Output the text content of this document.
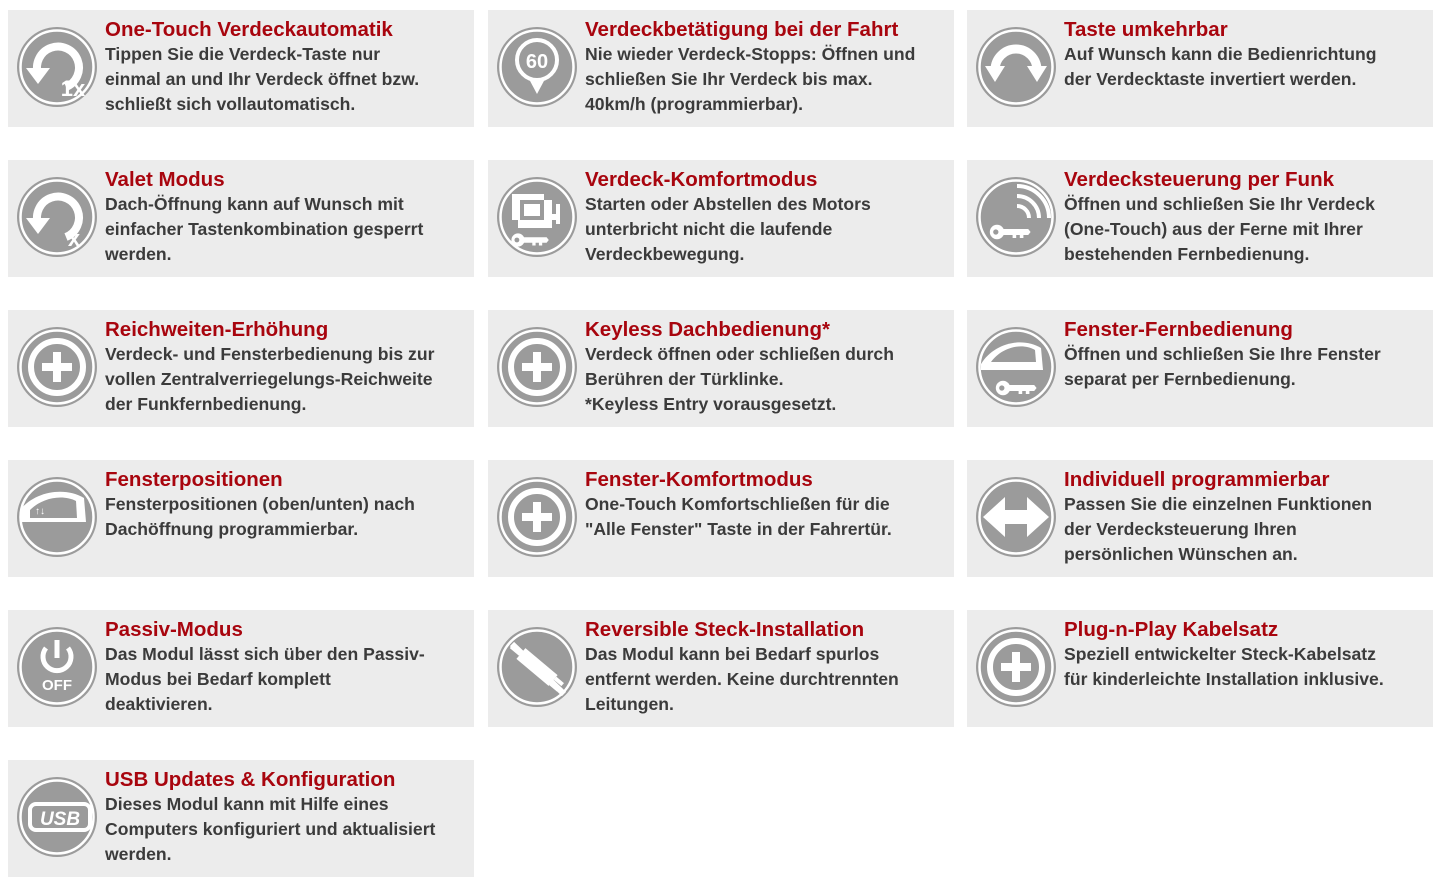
1x
One-Touch Verdeckautomatik
Tippen Sie die Verdeck-Taste nur
einmal an und Ihr Verdeck öffnet bzw.
schließt sich vollautomatisch.
60
Verdeckbetätigung bei der Fahrt
Nie wieder Verdeck-Stopps: Öffnen und
schließen Sie Ihr Verdeck bis max.
40km/h (programmierbar).
Taste umkehrbar
Auf Wunsch kann die Bedienrichtung
der Verdecktaste invertiert werden.
x
Valet Modus
Dach-Öffnung kann auf Wunsch mit
einfacher Tastenkombination gesperrt
werden.
Verdeck-Komfortmodus
Starten oder Abstellen des Motors
unterbricht nicht die laufende
Verdeckbewegung.
Verdecksteuerung per Funk
Öffnen und schließen Sie Ihr Verdeck
(One-Touch) aus der Ferne mit Ihrer
bestehenden Fernbedienung.
Reichweiten-Erhöhung
Verdeck- und Fensterbedienung bis zur
vollen Zentralverriegelungs-Reichweite
der Funkfernbedienung.
Keyless Dachbedienung*
Verdeck öffnen oder schließen durch
Berühren der Türklinke.
*Keyless Entry vorausgesetzt.
Fenster-Fernbedienung
Öffnen und schließen Sie Ihre Fenster
separat per Fernbedienung.
↑↓
Fensterpositionen
Fensterpositionen (oben/unten) nach
Dachöffnung programmierbar.
Fenster-Komfortmodus
One-Touch Komfortschließen für die
"Alle Fenster" Taste in der Fahrertür.
Individuell programmierbar
Passen Sie die einzelnen Funktionen
der Verdecksteuerung Ihren
persönlichen Wünschen an.
OFF
Passiv-Modus
Das Modul lässt sich über den Passiv-
Modus bei Bedarf komplett
deaktivieren.
Reversible Steck-Installation
Das Modul kann bei Bedarf spurlos
entfernt werden. Keine durchtrennten
Leitungen.
Plug-n-Play Kabelsatz
Speziell entwickelter Steck-Kabelsatz
für kinderleichte Installation inklusive.
USB
USB Updates & Konfiguration
Dieses Modul kann mit Hilfe eines
Computers konfiguriert und aktualisiert
werden.
